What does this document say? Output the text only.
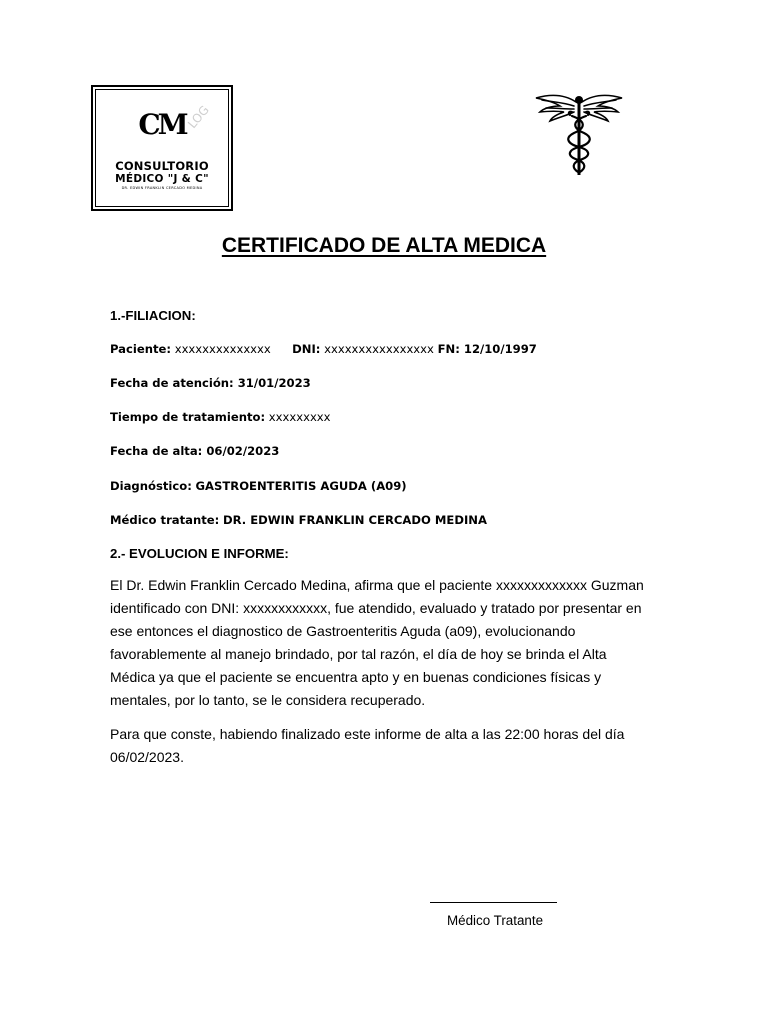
LOG
CM
CONSULTORIO
MÉDICO "J & C"
DR. EDWIN FRANKLIN CERCADO MEDINA
CERTIFICADO DE ALTA MEDICA
1.-FILIACION:
Paciente: xxxxxxxxxxxxxx DNI: xxxxxxxxxxxxxxxx FN: 12/10/1997
Fecha de atención: 31/01/2023
Tiempo de tratamiento: xxxxxxxxx
Fecha de alta: 06/02/2023
Diagnóstico: GASTROENTERITIS AGUDA (A09)
Médico tratante: DR. EDWIN FRANKLIN CERCADO MEDINA
2.- EVOLUCION E INFORME:
El Dr. Edwin Franklin Cercado Medina, afirma que el paciente xxxxxxxxxxxxx Guzman
identificado con DNI: xxxxxxxxxxxx, fue atendido, evaluado y tratado por presentar en
ese entonces el diagnostico de Gastroenteritis Aguda (a09), evolucionando
favorablemente al manejo brindado, por tal razón, el día de hoy se brinda el Alta
Médica ya que el paciente se encuentra apto y en buenas condiciones físicas y
mentales, por lo tanto, se le considera recuperado.
Para que conste, habiendo finalizado este informe de alta a las 22:00 horas del día
06/02/2023.
Médico Tratante
